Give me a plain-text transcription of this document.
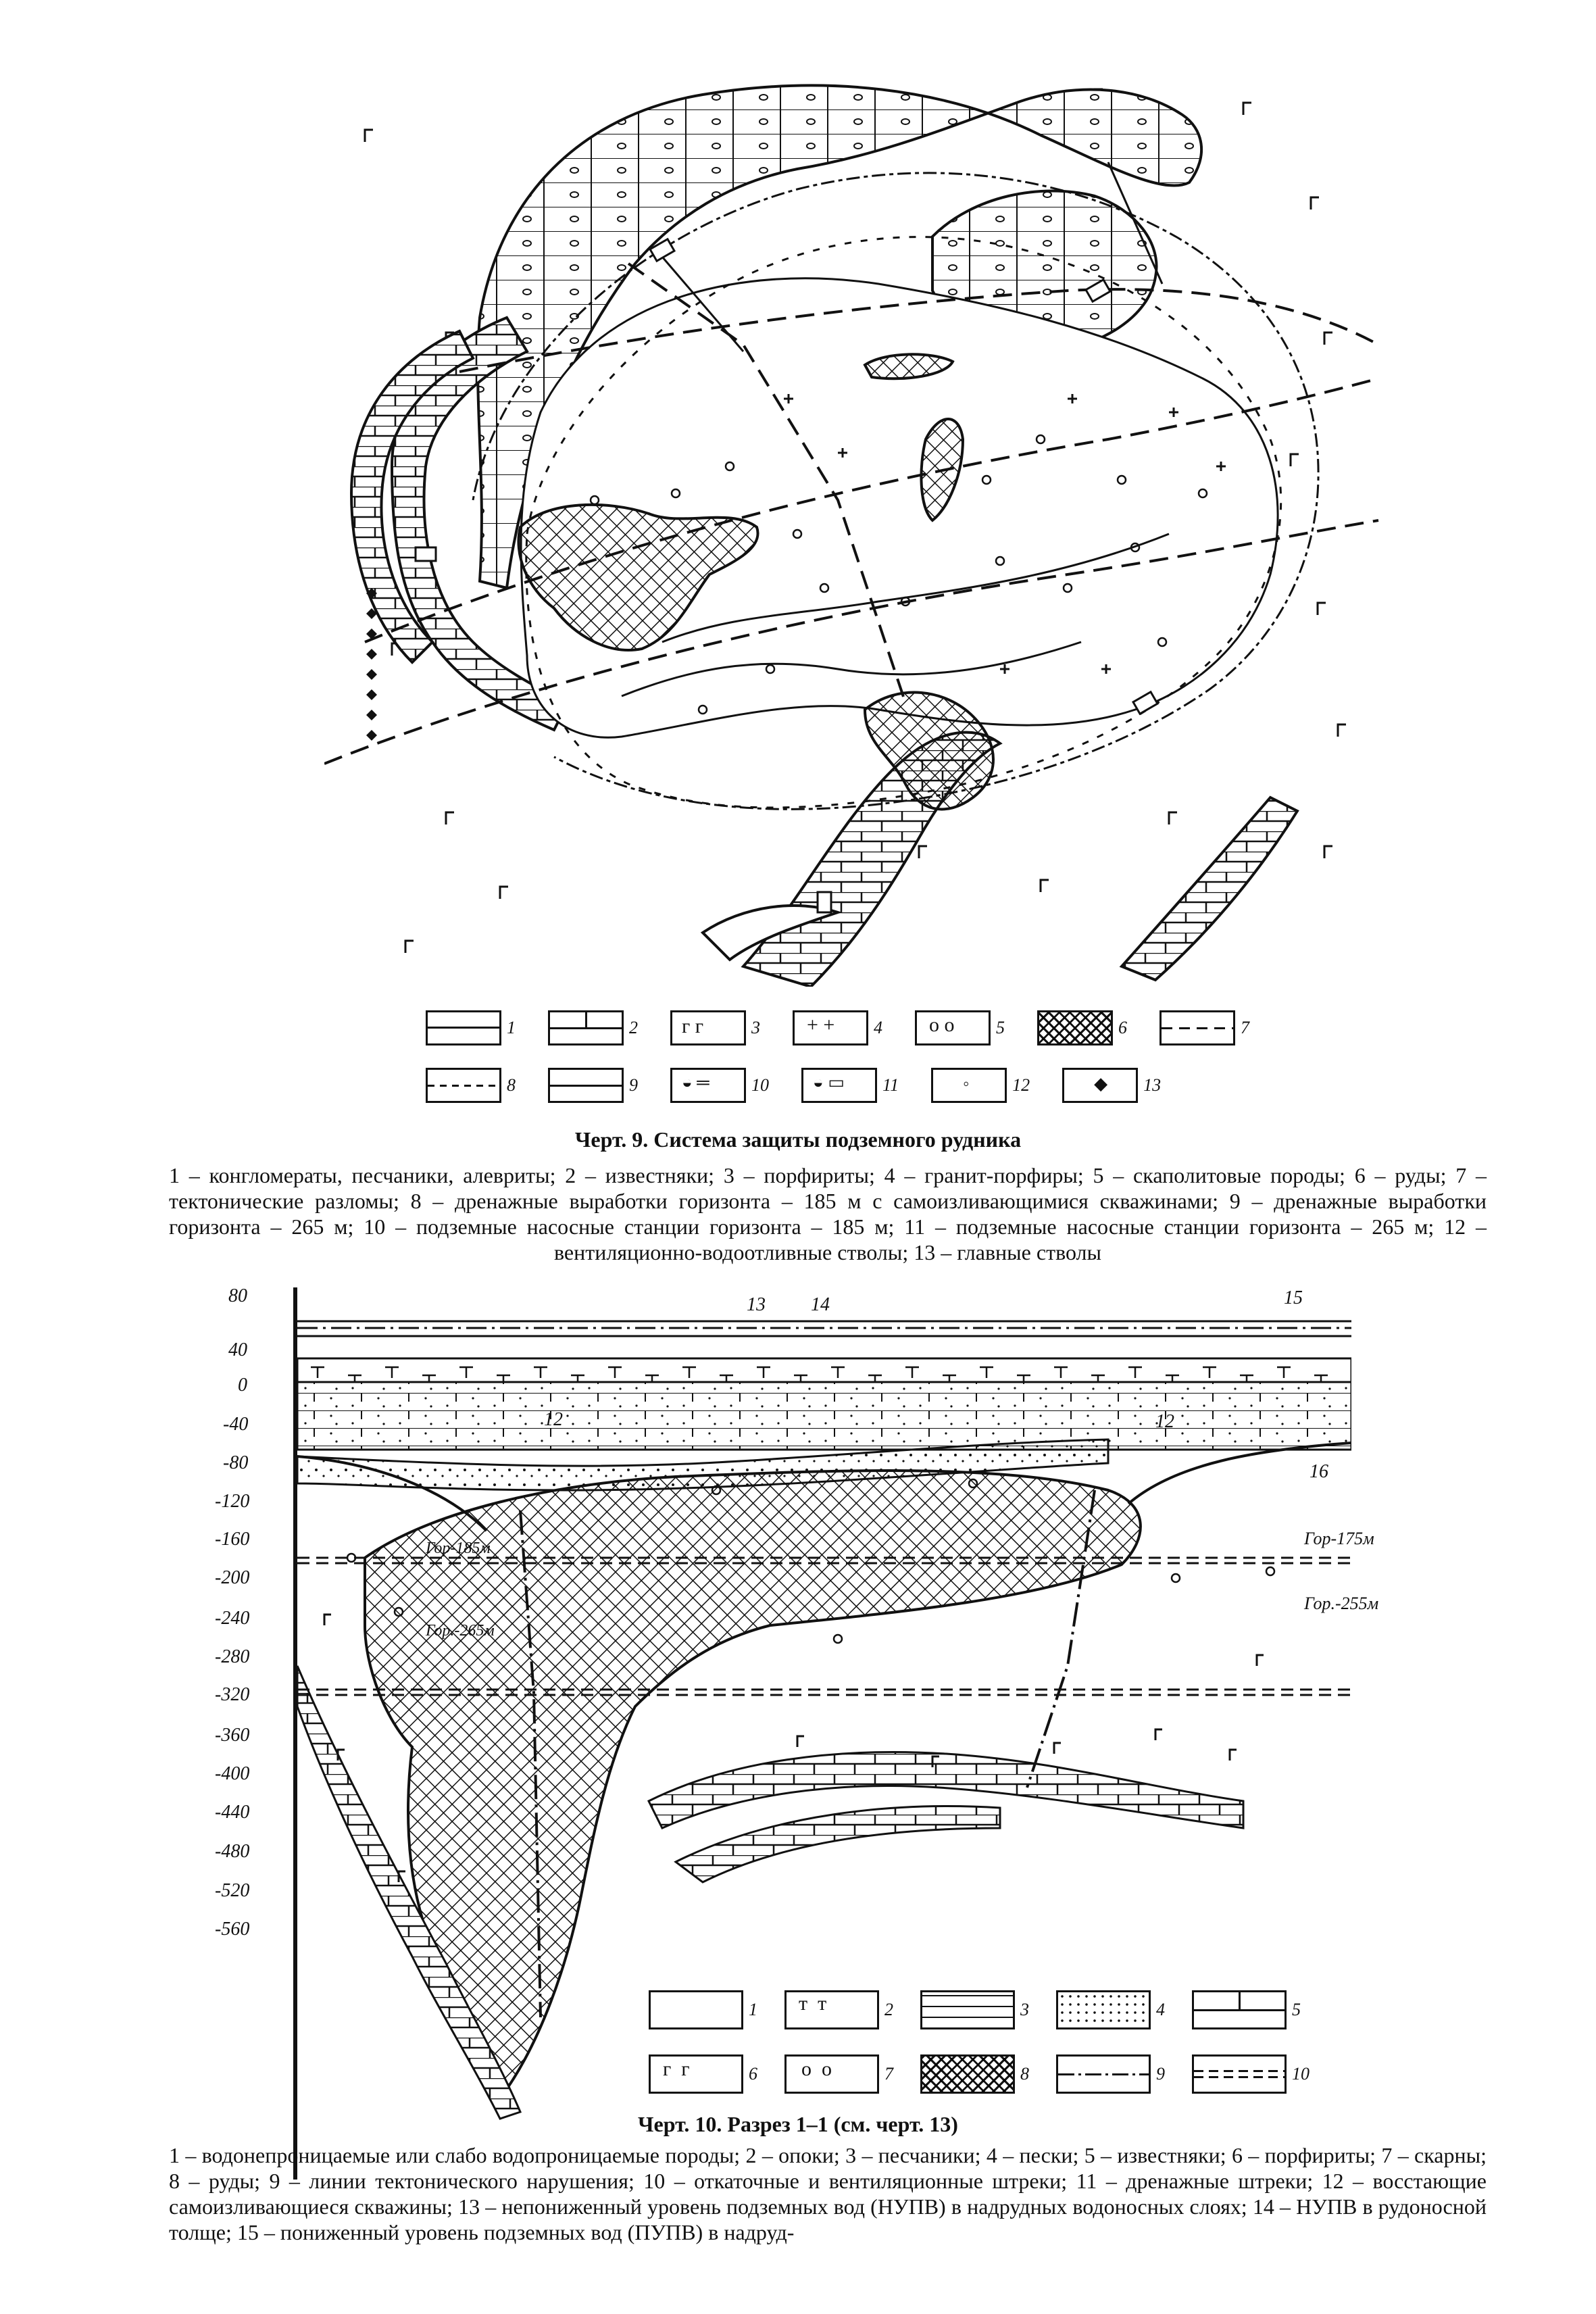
1	2 г г	3 + + 4 o o 5	6	7
8	9	◒ ═ 10	◒ ▭ 11	◦ 12	◆ 13
Черт. 9. Система защиты подземного рудника
1 – конгломераты, песчаники, алевриты; 2 – известняки; 3 – порфириты; 4 – гранит-порфиры; 5 – скаполитовые породы; 6 – руды; 7 – тектонические разломы; 8 – дренажные выработки горизонта – 185 м с самоизливающимися скважинами; 9 – дренажные выработки горизонта – 265 м; 10 – подземные насосные станции горизонта – 185 м; 11 – подземные насосные станции горизонта – 265 м; 12 – вентиляционно-водоотливные стволы; 13 – главные стволы
80
40
0
-40
-80
-120
-160
-200
-240
-280
-320
-360
-400
-440
-480
-520
-560
13 14	15
12	12
16
Гор-175м
Гор.-255м
Гор-185м
Гор.-265м
1 т  т	2	3	4	5
г  г	6 o  o	7	8	9	10
Черт. 10. Разрез 1–1 (см. черт. 13)
1 – водонепроницаемые или слабо водопроницаемые породы; 2 – опоки; 3 – песчаники; 4 – пески; 5 – известняки; 6 – порфириты; 7 – скарны; 8 – руды; 9 – линии тектонического нарушения; 10 – откаточные и вентиляционные штреки; 11 – дренажные штреки; 12 – восстающие самоизливающиеся скважины; 13 – непониженный уровень подземных вод (НУПВ) в надрудных водоносных слоях; 14 – НУПВ в рудоносной толще; 15 – пониженный уровень подземных вод (ПУПВ) в надруд-
